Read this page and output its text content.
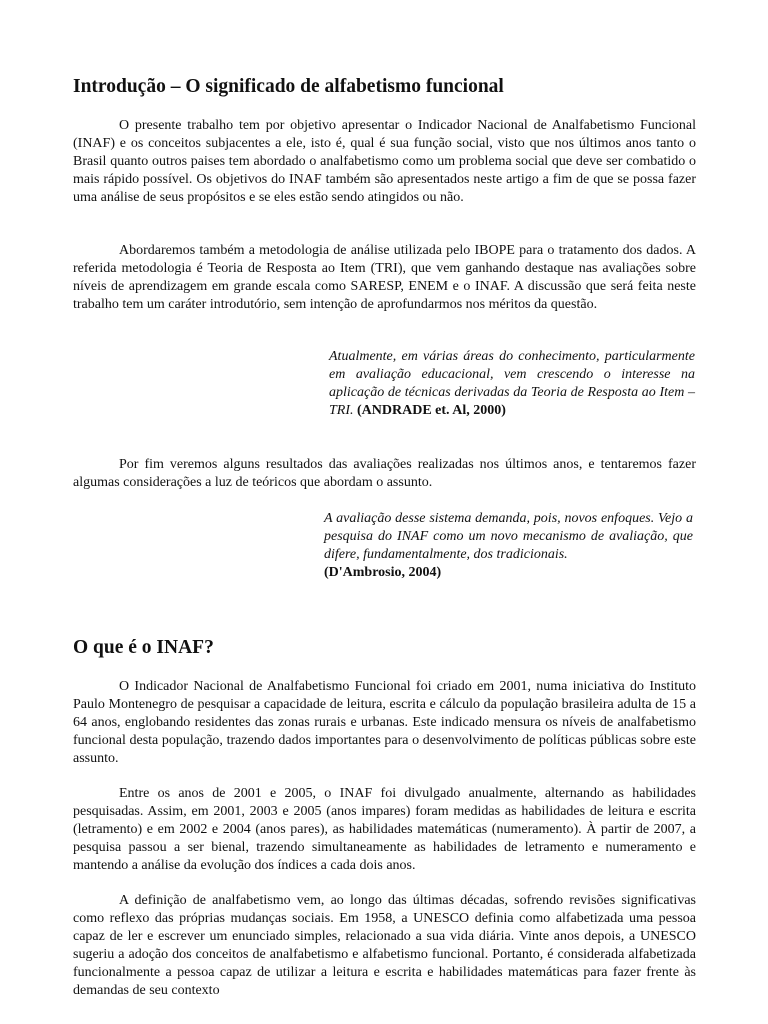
Introdução – O significado de alfabetismo funcional

O presente trabalho tem por objetivo apresentar o Indicador Nacional de Analfabetismo Funcional (INAF) e os conceitos subjacentes a ele, isto é, qual é sua função social, visto que nos últimos anos tanto o Brasil quanto outros paises tem abordado o analfabetismo como um problema social que deve ser combatido o mais rápido possível. Os objetivos do INAF também são apresentados neste artigo a fim de que se possa fazer uma análise de seus propósitos e se eles estão sendo atingidos ou não.

Abordaremos também a metodologia de análise utilizada pelo IBOPE para o tratamento dos dados. A referida metodologia é Teoria de Resposta ao Item (TRI), que vem ganhando destaque nas avaliações sobre níveis de aprendizagem em grande escala como SARESP, ENEM e o INAF. A discussão que será feita neste trabalho tem um caráter introdutório, sem intenção de aprofundarmos nos méritos da questão.

Atualmente, em várias áreas do conhecimento, particularmente em avaliação educacional, vem crescendo o interesse na aplicação de técnicas derivadas da Teoria de Resposta ao Item – TRI. (ANDRADE et. Al, 2000)

Por fim veremos alguns resultados das avaliações realizadas nos últimos anos, e tentaremos fazer algumas considerações a luz de teóricos que abordam o assunto.

A avaliação desse sistema demanda, pois, novos enfoques. Vejo a pesquisa do INAF como um novo mecanismo de avaliação, que difere, fundamentalmente, dos tradicionais.
(D'Ambrosio, 2004)
O que é o INAF?

O Indicador Nacional de Analfabetismo Funcional foi criado em 2001, numa iniciativa do Instituto Paulo Montenegro de pesquisar a capacidade de leitura, escrita e cálculo da população brasileira adulta de 15 a 64 anos, englobando residentes das zonas rurais e urbanas. Este indicado mensura os níveis de analfabetismo funcional desta população, trazendo dados importantes para o desenvolvimento de políticas públicas sobre este assunto.

Entre os anos de 2001 e 2005, o INAF foi divulgado anualmente, alternando as habilidades pesquisadas. Assim, em 2001, 2003 e 2005 (anos impares) foram medidas as habilidades de leitura e escrita (letramento) e em 2002 e 2004 (anos pares), as habilidades matemáticas (numeramento). À partir de 2007, a pesquisa passou a ser bienal, trazendo simultaneamente as habilidades de letramento e numeramento e mantendo a análise da evolução dos índices a cada dois anos.

A definição de analfabetismo vem, ao longo das últimas décadas, sofrendo revisões significativas como reflexo das próprias mudanças sociais. Em 1958, a UNESCO definia como alfabetizada uma pessoa capaz de ler e escrever um enunciado simples, relacionado a sua vida diária. Vinte anos depois, a UNESCO sugeriu a adoção dos conceitos de analfabetismo e alfabetismo funcional. Portanto, é considerada alfabetizada funcionalmente a pessoa capaz de utilizar a leitura e escrita e habilidades matemáticas para fazer frente às demandas de seu contexto
